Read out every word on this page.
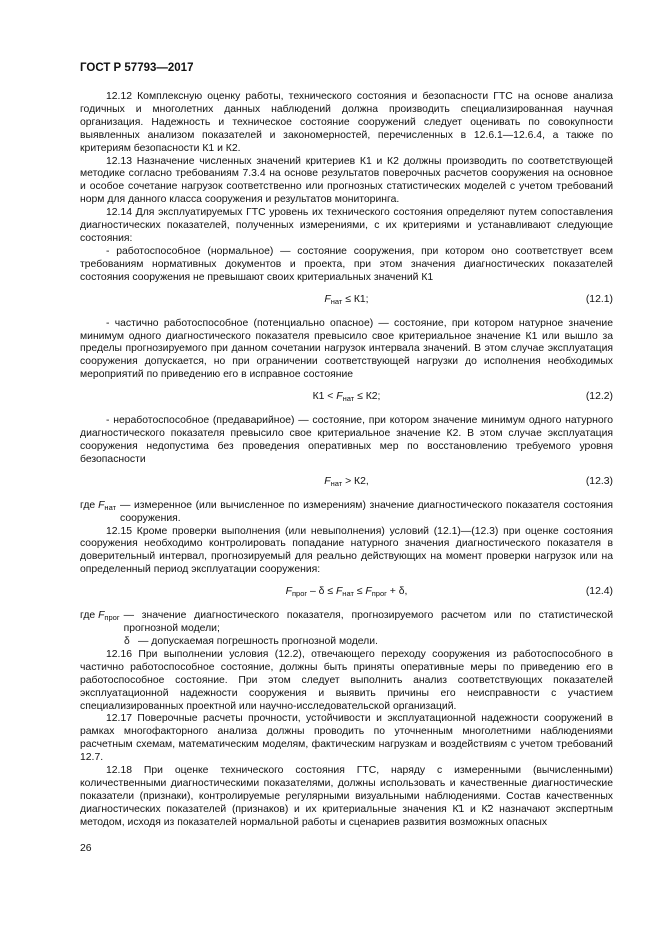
ГОСТ Р 57793—2017

12.12 Комплексную оценку работы, технического состояния и безопасности ГТС на основе анализа годичных и многолетних данных наблюдений должна производить специализированная научная организация. Надежность и техническое состояние сооружений следует оценивать по совокупности выявленных анализом показателей и закономерностей, перечисленных в 12.6.1—12.6.4, а также по критериям безопасности К1 и К2.

12.13 Назначение численных значений критериев К1 и К2 должны производить по соответствующей методике согласно требованиям 7.3.4 на основе результатов поверочных расчетов сооружения на основное и особое сочетание нагрузок соответственно или прогнозных статистических моделей с учетом требований норм для данного класса сооружения и результатов мониторинга.

12.14 Для эксплуатируемых ГТС уровень их технического состояния определяют путем сопоставления диагностических показателей, полученных измерениями, с их критериями и устанавливают следующие состояния:

- работоспособное (нормальное) — состояние сооружения, при котором оно соответствует всем требованиям нормативных документов и проекта, при этом значения диагностических показателей состояния сооружения не превышают своих критериальных значений К1

$F_{нат} \le К1$;	(12.1)

- частично работоспособное (потенциально опасное) — состояние, при котором натурное значение минимум одного диагностического показателя превысило свое критериальное значение К1 или вышло за пределы прогнозируемого при данном сочетании нагрузок интервала значений. В этом случае эксплуатация сооружения допускается, но при ограничении соответствующей нагрузки до исполнения необходимых мероприятий по приведению его в исправное состояние

$К1 < F_{нат} \le К2$;	(12.2)

- неработоспособное (предаварийное) — состояние, при котором значение минимум одного натурного диагностического показателя превысило свое критериальное значение К2. В этом случае эксплуатация сооружения недопустима без проведения оперативных мер по восстановлению требуемого уровня безопасности

$F_{нат} > К2$,	(12.3)
где $F_{нат}$ — измеренное (или вычисленное по измерениям) значение диагностического показателя состояния сооружения.

12.15 Кроме проверки выполнения (или невыполнения) условий (12.1)—(12.3) при оценке состояния сооружения необходимо контролировать попадание натурного значения диагностического показателя в доверительный интервал, прогнозируемый для реально действующих на момент проверки нагрузок или на определенный период эксплуатации сооружения:

$F_{прог} - \delta \le F_{нат} \le F_{прог} + \delta$,	(12.4)
где $F_{прог}$ — значение диагностического показателя, прогнозируемого расчетом или по статистической прогнозной модели;
δ — допускаемая погрешность прогнозной модели.

12.16 При выполнении условия (12.2), отвечающего переходу сооружения из работоспособного в частично работоспособное состояние, должны быть приняты оперативные меры по приведению его в работоспособное состояние. При этом следует выполнить анализ соответствующих показателей эксплуатационной надежности сооружения и выявить причины его неисправности с участием специализированных проектной или научно-исследовательской организаций.

12.17 Поверочные расчеты прочности, устойчивости и эксплуатационной надежности сооружений в рамках многофакторного анализа должны проводить по уточненным многолетними наблюдениями расчетным схемам, математическим моделям, фактическим нагрузкам и воздействиям с учетом требований 12.7.

12.18 При оценке технического состояния ГТС, наряду с измеренными (вычисленными) количественными диагностическими показателями, должны использовать и качественные диагностические показатели (признаки), контролируемые регулярными визуальными наблюдениями. Состав качественных диагностических показателей (признаков) и их критериальные значения К̃1 и К̃2 назначают экспертным методом, исходя из показателей нормальной работы и сценариев развития возможных опасных

26
